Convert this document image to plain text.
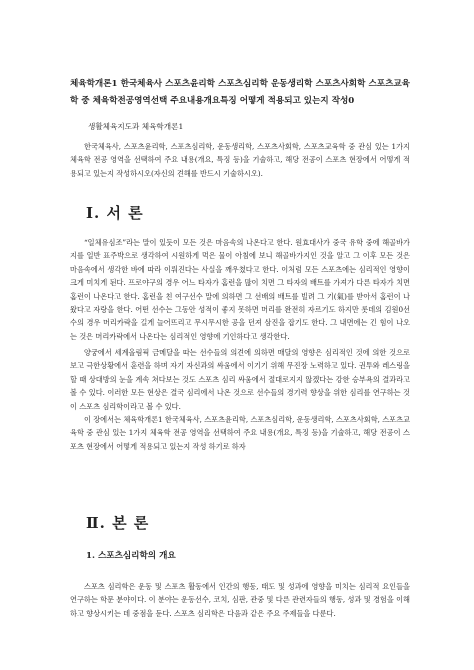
체육학개론1 한국체육사 스포츠윤리학 스포츠심리학 운동생리학 스포츠사회학 스포츠교육학 중 체육학전공영역선택 주요내용개요특징 어떻게 적용되고 있는지 작성0
생활체육지도과 체육학개론1

한국체육사, 스포츠윤리학, 스포츠심리학, 운동생리학, 스포츠사회학, 스포츠교육학 중 관심 있는 1가지 체육학 전공 영역을 선택하여 주요 내용(개요, 특징 등)을 기술하고, 해당 전공이 스포츠 현장에서 어떻게 적용되고 있는지 작성하시오(자신의 견해를 반드시 기술하시오).

Ⅰ. 서 론

“일체유심조”라는 말이 있듯이 모든 것은 마음속의 나온다고 한다. 원효대사가 중국 유학 중에 해골바가지를 일반 표주박으로 생각하여 시원하게 먹은 물이 아침에 보니 해골바가지인 것을 알고 그 이후 모든 것은 마음속에서 생각한 바에 따라 이뤄진다는 사실을 깨우쳤다고 한다. 이처럼 모든 스포츠에는 심리적인 영향이 크게 미치게 된다. 프로야구의 경우 어느 타자가 홈런을 많이 치면 그 타자의 배트를 가져가 다른 타자가 치면 홈런이 나온다고 한다. 홈런을 친 여구선수 말에 의하면 그 선배의 배트를 빌려 그 기(氣)를 받아서 홈런이 나왔다고 자랑을 한다. 어떤 선수는 그동안 성적이 좋지 못하면 머리를 완전히 자르기도 하지만 롯데의 김원0선수의 경우 머리카락을 길게 늘어뜨리고 무시무시한 공을 던져 삼진을 잡기도 한다. 그 내면에는 긴 힘이 나오는 것은 머리카락에서 나온다는 심리적인 영향에 기인하다고 생각한다.

양궁에서 세계올림픽 금메달을 따는 선수들의 의견에 의하면 매달의 영향은 심리적인 것에 의한 것으로 보고 극한상황에서 훈련을 하며 자기 자신과의 싸움에서 이기기 위해 무진장 노력하고 있다. 권투와 레스링을 할 때 상대방의 눈을 계속 쳐다보는 것도 스포츠 심리 싸움에서 절대로지지 않겠다는 강한 승부욕의 결과라고 볼 수 있다. 이러한 모든 현상은 결국 심리에서 나온 것으로 선수들의 경기력 향상을 위한 심리를 연구하는 것이 스포츠 심리학이라고 볼 수 있다.

이 장에서는 체육학개론1 한국체육사, 스포츠윤리학, 스포츠심리학, 운동생리학, 스포츠사회학, 스포츠교육학 중 관심 있는 1가지 체육학 전공 영역을 선택하여 주요 내용(개요, 특징 등)을 기술하고, 해당 전공이 스포츠 현장에서 어떻게 적용되고 있는지 작성 하기로 하자

Ⅱ. 본 론
1. 스포츠심리학의 개요

스포츠 심리학은 운동 및 스포츠 활동에서 인간의 행동, 태도 및 성과에 영향을 미치는 심리적 요인들을 연구하는 학문 분야이다. 이 분야는 운동선수, 코치, 심판, 관중 및 다른 관련자들의 행동, 성과 및 경험을 이해하고 향상시키는 데 중점을 둔다. 스포츠 심리학은 다음과 같은 주요 주제들을 다룬다.
